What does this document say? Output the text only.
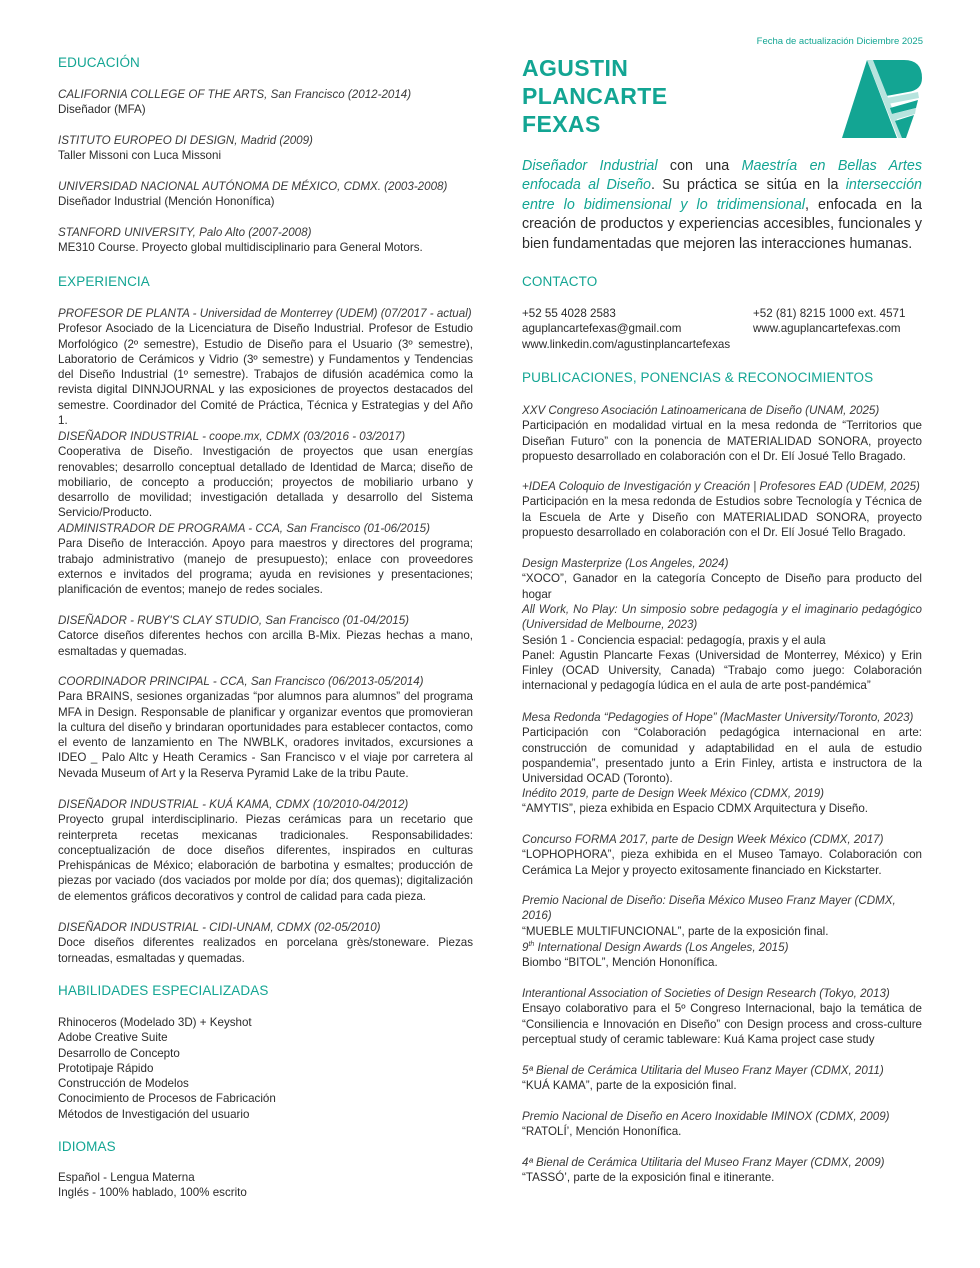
Fecha de actualización Diciembre 2025
AGUSTIN
PLANCARTE
FEXAS
Diseñador Industrial con una Maestría en Bellas Artes enfocada al Diseño. Su práctica se sitúa en la intersección entre lo bidimensional y lo tridimensional, enfocada en la creación de productos y experiencias accesibles, funcionales y bien fundamentadas que mejoren las interacciones humanas.
EDUCACIÓN
CALIFORNIA COLLEGE OF THE ARTS, San Francisco (2012-2014)
Diseñador (MFA)
ISTITUTO EUROPEO DI DESIGN, Madrid (2009)
Taller Missoni con Luca Missoni
UNIVERSIDAD NACIONAL AUTÓNOMA DE MÉXICO, CDMX. (2003-2008)
Diseñador Industrial (Mención Hononífica)
STANFORD UNIVERSITY, Palo Alto (2007-2008)
ME310 Course. Proyecto global multidisciplinario para General Motors.
EXPERIENCIA
PROFESOR DE PLANTA - Universidad de Monterrey (UDEM) (07/2017 - actual)
Profesor Asociado de la Licenciatura de Diseño Industrial. Profesor de Estudio Morfológico (2º semestre), Estudio de Diseño para el Usuario (3º semestre), Laboratorio de Cerámicos y Vidrio (3º semestre) y Fundamentos y Tendencias del Diseño Industrial (1º semestre). Trabajos de difusión académica como la revista digital DINNJOURNAL y las exposiciones de proyectos destacados del semestre. Coordinador del Comité de Práctica, Técnica y Estrategias y del Año 1.
DISEÑADOR INDUSTRIAL - coope.mx, CDMX (03/2016 - 03/2017)
Cooperativa de Diseño. Investigación de proyectos que usan energías renovables; desarrollo conceptual detallado de Identidad de Marca; diseño de mobiliario, de concepto a producción; proyectos de mobiliario urbano y desarrollo de movilidad; investigación detallada y desarrollo del Sistema Servicio/Producto.
ADMINISTRADOR DE PROGRAMA - CCA, San Francisco (01-06/2015)
Para Diseño de Interacción. Apoyo para maestros y directores del programa; trabajo administrativo (manejo de presupuesto); enlace con proveedores externos e invitados del programa; ayuda en revisiones y presentaciones; planificación de eventos; manejo de redes sociales.
DISEÑADOR - RUBY'S CLAY STUDIO, San Francisco (01-04/2015)
Catorce diseños diferentes hechos con arcilla B-Mix. Piezas hechas a mano, esmaltadas y quemadas.
COORDINADOR PRINCIPAL - CCA, San Francisco (06/2013-05/2014)
Para BRAINS, sesiones organizadas “por alumnos para alumnos” del programa MFA in Design. Responsable de planificar y organizar eventos que promovieran la cultura del diseño y brindaran oportunidades para establecer contactos, como el evento de lanzamiento en The NWBLK, oradores invitados, excursiones a IDEO _ Palo Altc y Heath Ceramics - San Francisco v el viaje por carretera al Nevada Museum of Art y la Reserva Pyramid Lake de la tribu Paute.
DISEÑADOR INDUSTRIAL - KUÁ KAMA, CDMX (10/2010-04/2012)
Proyecto grupal interdisciplinario. Piezas cerámicas para un recetario que reinterpreta recetas mexicanas tradicionales. Responsabilidades: conceptualización de doce diseños diferentes, inspirados en culturas Prehispánicas de México; elaboración de barbotina y esmaltes; producción de piezas por vaciado (dos vaciados por molde por día; dos quemas); digitalización de elementos gráficos decorativos y control de calidad para cada pieza.
DISEÑADOR INDUSTRIAL - CIDI-UNAM, CDMX (02-05/2010)
Doce diseños diferentes realizados en porcelana grès/stoneware. Piezas torneadas, esmaltadas y quemadas.
HABILIDADES ESPECIALIZADAS
Rhinoceros (Modelado 3D) + Keyshot
Adobe Creative Suite
Desarrollo de Concepto
Prototipaje Rápido
Construcción de Modelos
Conocimiento de Procesos de Fabricación
Métodos de Investigación del usuario
IDIOMAS
Español - Lengua Materna
Inglés - 100% hablado, 100% escrito
CONTACTO
+52 55 4028 2583
aguplancartefexas@gmail.com
www.linkedin.com/agustinplancartefexas
+52 (81) 8215 1000 ext. 4571
www.aguplancartefexas.com
PUBLICACIONES, PONENCIAS & RECONOCIMIENTOS
XXV Congreso Asociación Latinoamericana de Diseño (UNAM, 2025)
Participación en modalidad virtual en la mesa redonda de “Territorios que Diseñan Futuro” con la ponencia de MATERIALIDAD SONORA, proyecto propuesto desarrollado en colaboración con el Dr. Elí Josué Tello Bragado.
+IDEA Coloquio de Investigación y Creación | Profesores EAD (UDEM, 2025)
Participación en la mesa redonda de Estudios sobre Tecnología y Técnica de la Escuela de Arte y Diseño con MATERIALIDAD SONORA, proyecto propuesto desarrollado en colaboración con el Dr. Elí Josué Tello Bragado.
Design Masterprize (Los Angeles, 2024)
“XOCO”, Ganador en la categoría Concepto de Diseño para producto del hogar
All Work, No Play: Un simposio sobre pedagogía y el imaginario pedagógico (Universidad de Melbourne, 2023)
Sesión 1 - Conciencia espacial: pedagogía, praxis y el aula
Panel: Agustin Plancarte Fexas (Universidad de Monterrey, México) y Erin Finley (OCAD University, Canada) “Trabajo como juego: Colaboración internacional y pedagogía lúdica en el aula de arte post-pandémica”
Mesa Redonda “Pedagogies of Hope” (MacMaster University/Toronto, 2023)
Participación con “Colaboración pedagógica internacional en arte: construcción de comunidad y adaptabilidad en el aula de estudio pospandemia”, presentado junto a Erin Finley, artista e instructora de la Universidad OCAD (Toronto).
Inédito 2019, parte de Design Week México (CDMX, 2019)
“AMYTIS”, pieza exhibida en Espacio CDMX Arquitectura y Diseño.
Concurso FORMA 2017, parte de Design Week México (CDMX, 2017)
“LOPHOPHORA”, pieza exhibida en el Museo Tamayo. Colaboración con Cerámica La Mejor y proyecto exitosamente financiado en Kickstarter.
Premio Nacional de Diseño: Diseña México Museo Franz Mayer (CDMX, 2016)
“MUEBLE MULTIFUNCIONAL”, parte de la exposición final.
9th International Design Awards (Los Angeles, 2015)
Biombo “BITOL”, Mención Hononífica.
Interantional Association of Societies of Design Research (Tokyo, 2013)
Ensayo colaborativo para el 5º Congreso Internacional, bajo la temática de “Consiliencia e Innovación en Diseño” con Design process and cross-culture perceptual study of ceramic tableware: Kuá Kama project case study
5ª Bienal de Cerámica Utilitaria del Museo Franz Mayer (CDMX, 2011)
“KUÁ KAMA”, parte de la exposición final.
Premio Nacional de Diseño en Acero Inoxidable IMINOX (CDMX, 2009)
“RATOLÍ’, Mención Hononífica.
4ª Bienal de Cerámica Utilitaria del Museo Franz Mayer (CDMX, 2009)
“TASSÓ’, parte de la exposición final e itinerante.
